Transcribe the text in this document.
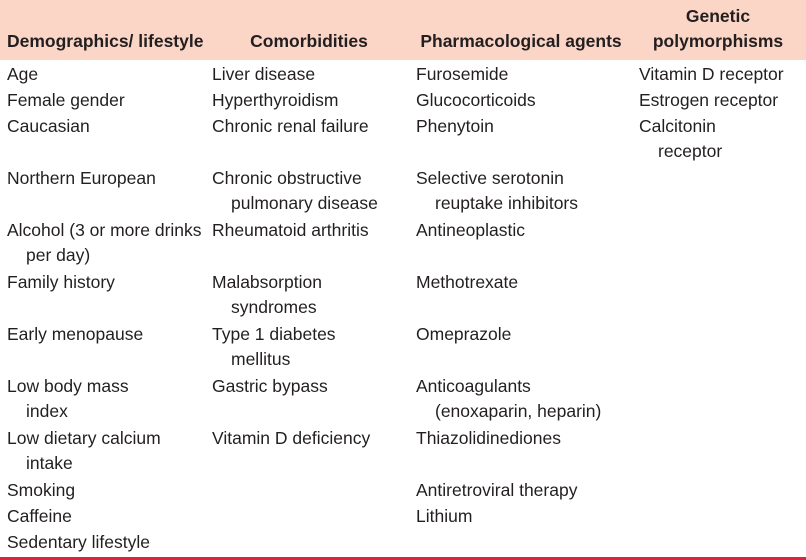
Demographics/ lifestyle	Comorbidities	Pharmacological agents
Genetic polymorphisms
Age
Female gender
Caucasian
Northern European
Alcohol (3 or more drinks per day)
Family history
Early menopause
Low body mass index
Low dietary calcium intake
Smoking
Caffeine
Sedentary lifestyle
Liver disease
Hyperthyroidism
Chronic renal failure
Chronic obstructive pulmonary disease
Rheumatoid arthritis
Malabsorption syndromes
Type 1 diabetes mellitus
Gastric bypass
Vitamin D deficiency
Furosemide
Glucocorticoids
Phenytoin
Selective serotonin reuptake inhibitors
Antineoplastic
Methotrexate
Omeprazole
Anticoagulants (enoxaparin, heparin)
Thiazolidinediones
Antiretroviral therapy
Lithium
Vitamin D receptor
Estrogen receptor
Calcitonin receptor
